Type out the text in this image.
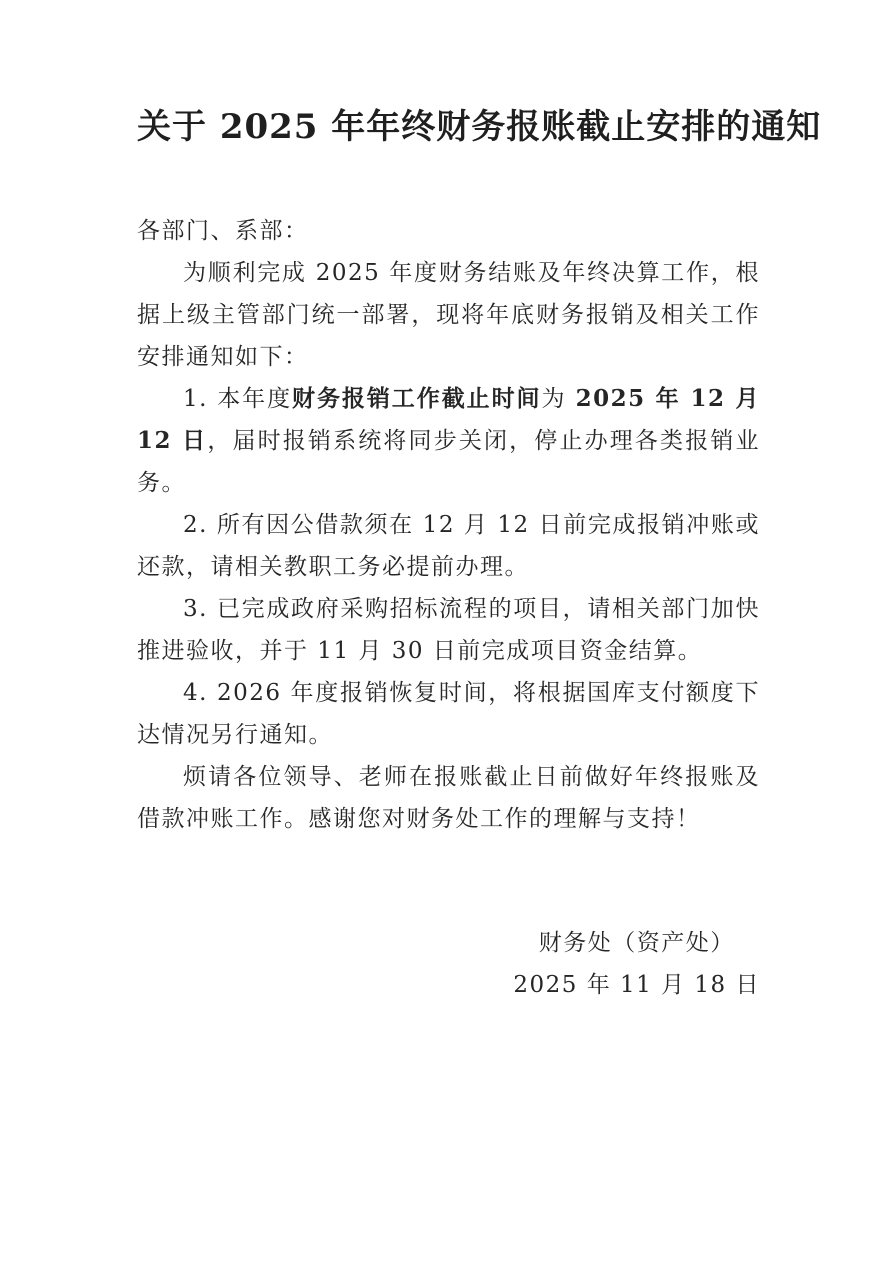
关于 2025 年年终财务报账截止安排的通知

各部门、系部：

为顺利完成 2025 年度财务结账及年终决算工作，根据上级主管部门统一部署，现将年底财务报销及相关工作安排通知如下：

1. 本年度财务报销工作截止时间为 2025 年 12 月 12 日，届时报销系统将同步关闭，停止办理各类报销业务。

2. 所有因公借款须在 12 月 12 日前完成报销冲账或还款，请相关教职工务必提前办理。

3. 已完成政府采购招标流程的项目，请相关部门加快推进验收，并于 11 月 30 日前完成项目资金结算。

4. 2026 年度报销恢复时间，将根据国库支付额度下达情况另行通知。

烦请各位领导、老师在报账截止日前做好年终报账及借款冲账工作。感谢您对财务处工作的理解与支持！

财务处（资产处）

2025 年 11 月 18 日
